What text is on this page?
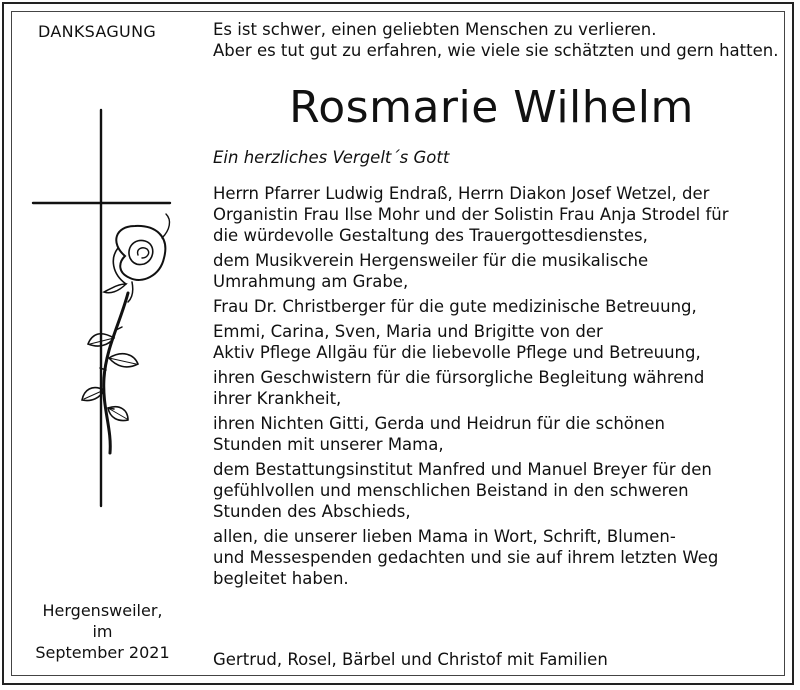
DANKSAGUNG	Es ist schwer, einen geliebten Menschen zu verlieren.
Aber es tut gut zu erfahren, wie viele sie schätzten und gern hatten.
Rosmarie Wilhelm
Ein herzliches Vergelt´s Gott
Herrn Pfarrer Ludwig Endraß, Herrn Diakon Josef Wetzel, der
Organistin Frau Ilse Mohr und der Solistin Frau Anja Strodel für
die würdevolle Gestaltung des Trauergottesdienstes,
dem Musikverein Hergensweiler für die musikalische
Umrahmung am Grabe,
Frau Dr. Christberger für die gute medizinische Betreuung,
Emmi, Carina, Sven, Maria und Brigitte von der
Aktiv Pflege Allgäu für die liebevolle Pflege und Betreuung,
ihren Geschwistern für die fürsorgliche Begleitung während
ihrer Krankheit,
ihren Nichten Gitti, Gerda und Heidrun für die schönen
Stunden mit unserer Mama,
dem Bestattungsinstitut Manfred und Manuel Breyer für den
gefühlvollen und menschlichen Beistand in den schweren
Stunden des Abschieds,
allen, die unserer lieben Mama in Wort, Schrift, Blumen-
und Messespenden gedachten und sie auf ihrem letzten Weg
begleitet haben.
Hergensweiler,
im
September 2021	Gertrud, Rosel, Bärbel und Christof mit Familien
